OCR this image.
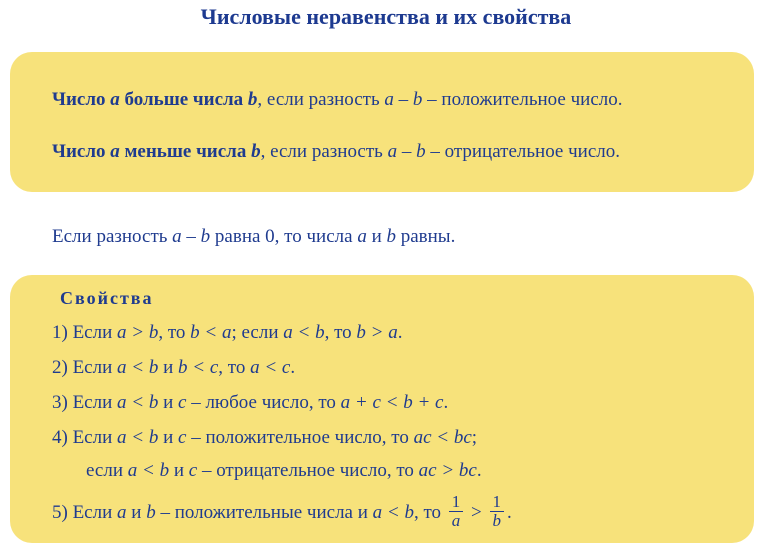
Числовые неравенства и их свойства
Число a больше числа b, если разность a – b – положительное число.
Число a меньше числа b, если разность a – b – отрицательное число.
Если разность a – b равна 0, то числа a и b равны.
Свойства
1) Если a > b, то b < a; если a < b, то b > a.
2) Если a < b и b < c, то a < c.
3) Если a < b и c – любое число, то a + c < b + c.
4) Если a < b и c – положительное число, то ac < bc;
если a < b и c – отрицательное число, то ac > bc.
5) Если a и b – положительные числа и a < b, то $\frac{1}{a} > \frac{1}{b}$ .
